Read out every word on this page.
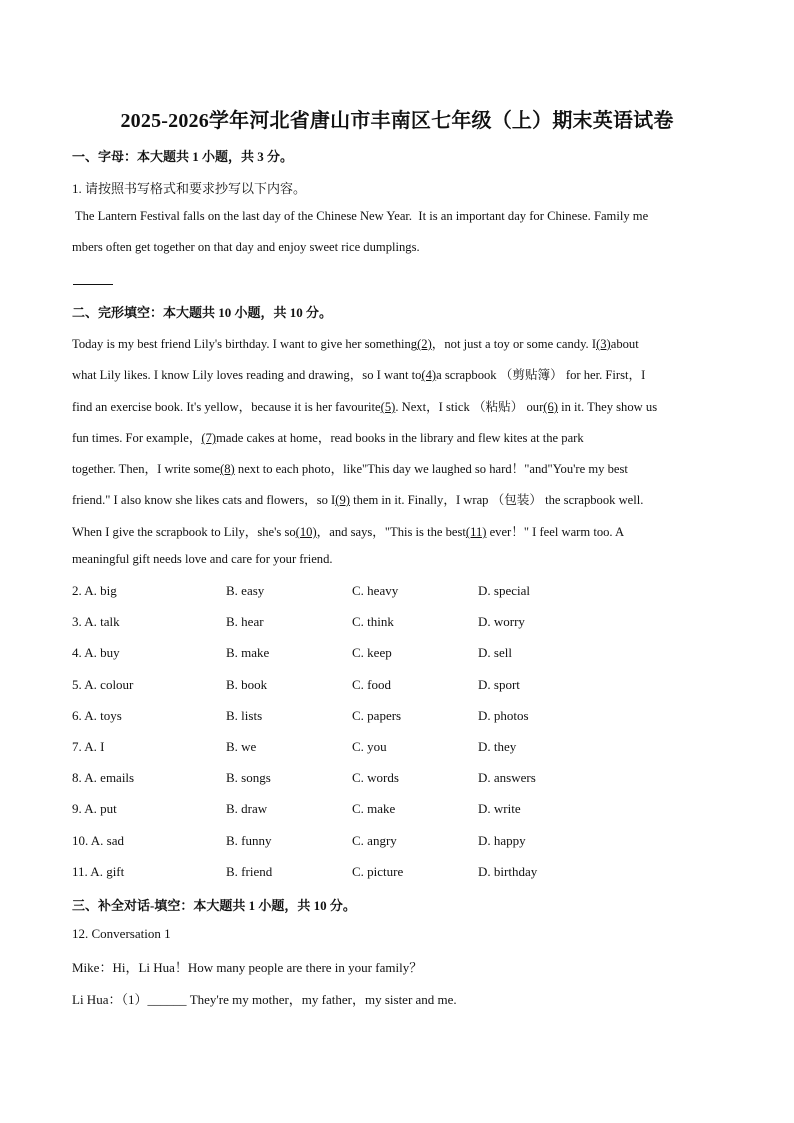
2025-2026学年河北省唐山市丰南区七年级（上）期末英语试卷
一、字母：本大题共 1 小题，共 3 分。
1. 请按照书写格式和要求抄写以下内容。
The Lantern Festival falls on the last day of the Chinese New Year.  It is an important day for Chinese. Family me
mbers often get together on that day and enjoy sweet rice dumplings.
二、完形填空：本大题共 10 小题，共 10 分。
Today is my best friend Lily's birthday. I want to give her something(2)，not just a toy or some candy. I(3)about
what Lily likes. I know Lily loves reading and drawing，so I want to(4)a scrapbook （剪贴簿） for her. First，I
find an exercise book. It's yellow，because it is her favourite(5). Next，I stick （粘贴） our(6) in it. They show us
fun times. For example，(7)made cakes at home，read books in the library and flew kites at the park
together. Then，I write some(8) next to each photo，like"This day we laughed so hard！"and"You're my best
friend." I also know she likes cats and flowers，so I(9) them in it. Finally，I wrap （包装） the scrapbook well.
When I give the scrapbook to Lily，she's so(10)，and says，"This is the best(11) ever！" I feel warm too. A
meaningful gift needs love and care for your friend.
2. A. big	B. easy	C. heavy	D. special
3. A. talk	B. hear	C. think	D. worry
4. A. buy	B. make	C. keep	D. sell
5. A. colour	B. book	C. food	D. sport
6. A. toys	B. lists	C. papers	D. photos
7. A. I	B. we	C. you	D. they
8. A. emails	B. songs	C. words	D. answers
9. A. put	B. draw	C. make	D. write
10. A. sad	B. funny	C. angry	D. happy
11. A. gift	B. friend	C. picture	D. birthday
三、补全对话-填空：本大题共 1 小题，共 10 分。
12. Conversation 1
Mike：Hi，Li Hua！How many people are there in your family？
Li Hua：（1）______ They're my mother，my father，my sister and me.
